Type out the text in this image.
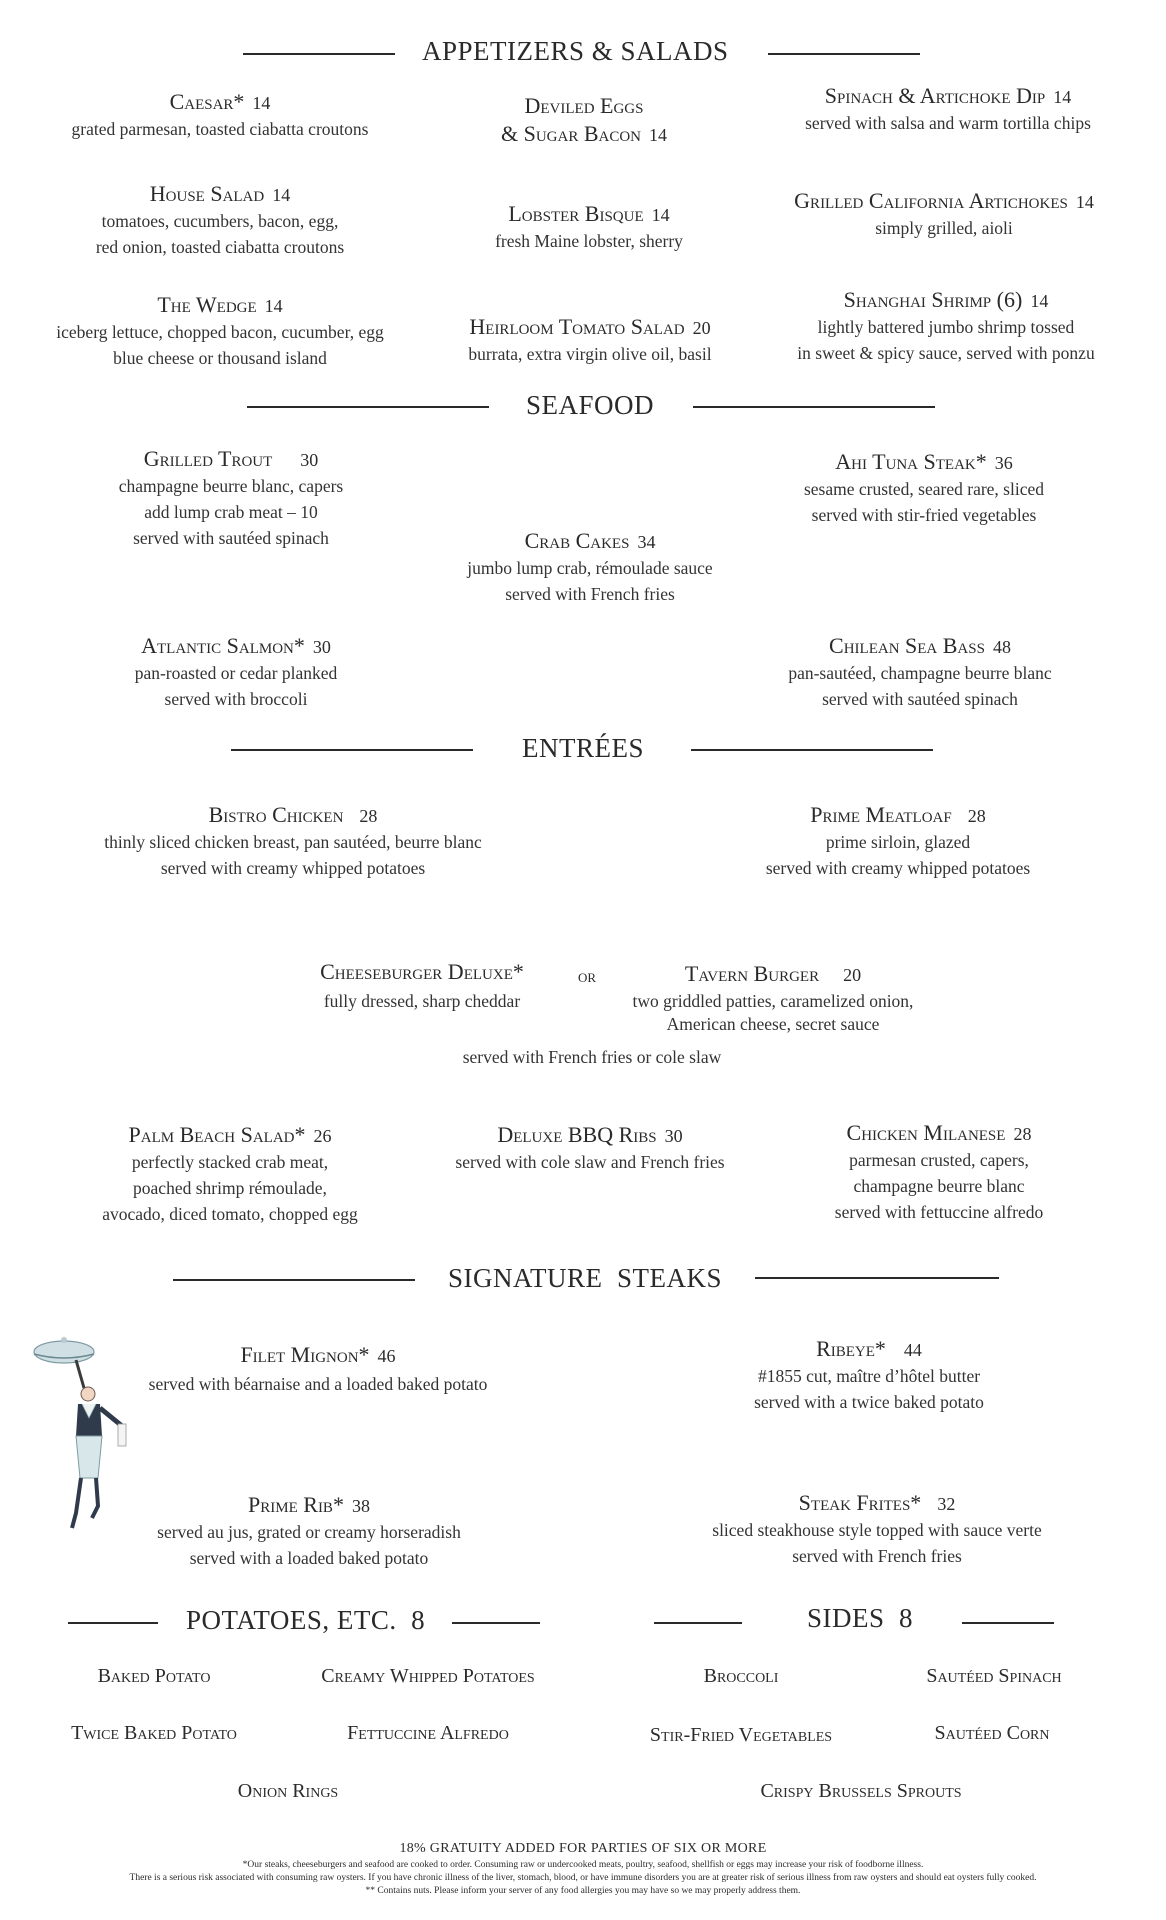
APPETIZERS & SALADS
Caesar* 14
grated parmesan, toasted ciabatta croutons
Deviled Eggs
& Sugar Bacon 14
Spinach & Artichoke Dip 14
served with salsa and warm tortilla chips
House Salad 14
tomatoes, cucumbers, bacon, egg,
red onion, toasted ciabatta croutons
Lobster Bisque 14
fresh Maine lobster, sherry
Grilled California Artichokes 14
simply grilled, aioli
The Wedge 14
iceberg lettuce, chopped bacon, cucumber, egg
blue cheese or thousand island
Heirloom Tomato Salad 20
burrata, extra virgin olive oil, basil
Shanghai Shrimp (6) 14
lightly battered jumbo shrimp tossed
in sweet & spicy sauce, served with ponzu
SEAFOOD
Grilled Trout 30
champagne beurre blanc, capers
add lump crab meat – 10
served with sautéed spinach
Ahi Tuna Steak* 36
sesame crusted, seared rare, sliced
served with stir-fried vegetables
Crab Cakes 34
jumbo lump crab, rémoulade sauce
served with French fries
Atlantic Salmon* 30
pan-roasted or cedar planked
served with broccoli
Chilean Sea Bass 48
pan-sautéed, champagne beurre blanc
served with sautéed spinach
ENTRÉES
Bistro Chicken 28
thinly sliced chicken breast, pan sautéed, beurre blanc
served with creamy whipped potatoes
Prime Meatloaf 28
prime sirloin, glazed
served with creamy whipped potatoes
Cheeseburger Deluxe*
fully dressed, sharp cheddar
or	Tavern Burger 20
two griddled patties, caramelized onion,
American cheese, secret sauce
served with French fries or cole slaw
Palm Beach Salad* 26
perfectly stacked crab meat,
poached shrimp rémoulade,
avocado, diced tomato, chopped egg
Deluxe BBQ Ribs 30
served with cole slaw and French fries
Chicken Milanese 28
parmesan crusted, capers,
champagne beurre blanc
served with fettuccine alfredo
SIGNATURE  STEAKS
Filet Mignon* 46
served with béarnaise and a loaded baked potato
Ribeye* 44
#1855 cut, maître d’hôtel butter
served with a twice baked potato
Prime Rib* 38
served au jus, grated or creamy horseradish
served with a loaded baked potato
Steak Frites* 32
sliced steakhouse style topped with sauce verte
served with French fries
POTATOES, ETC.  8	SIDES  8
Baked Potato	Creamy Whipped Potatoes
Twice Baked Potato	Fettuccine Alfredo
Onion Rings
Broccoli	Sautéed Spinach
Stir-Fried Vegetables	Sautéed Corn
Crispy Brussels Sprouts
18% GRATUITY ADDED FOR PARTIES OF SIX OR MORE
*Our steaks, cheeseburgers and seafood are cooked to order. Consuming raw or undercooked meats, poultry, seafood, shellfish or eggs may increase your risk of foodborne illness.
There is a serious risk associated with consuming raw oysters. If you have chronic illness of the liver, stomach, blood, or have immune disorders you are at greater risk of serious illness from raw oysters and should eat oysters fully cooked.
** Contains nuts. Please inform your server of any food allergies you may have so we may properly address them.
